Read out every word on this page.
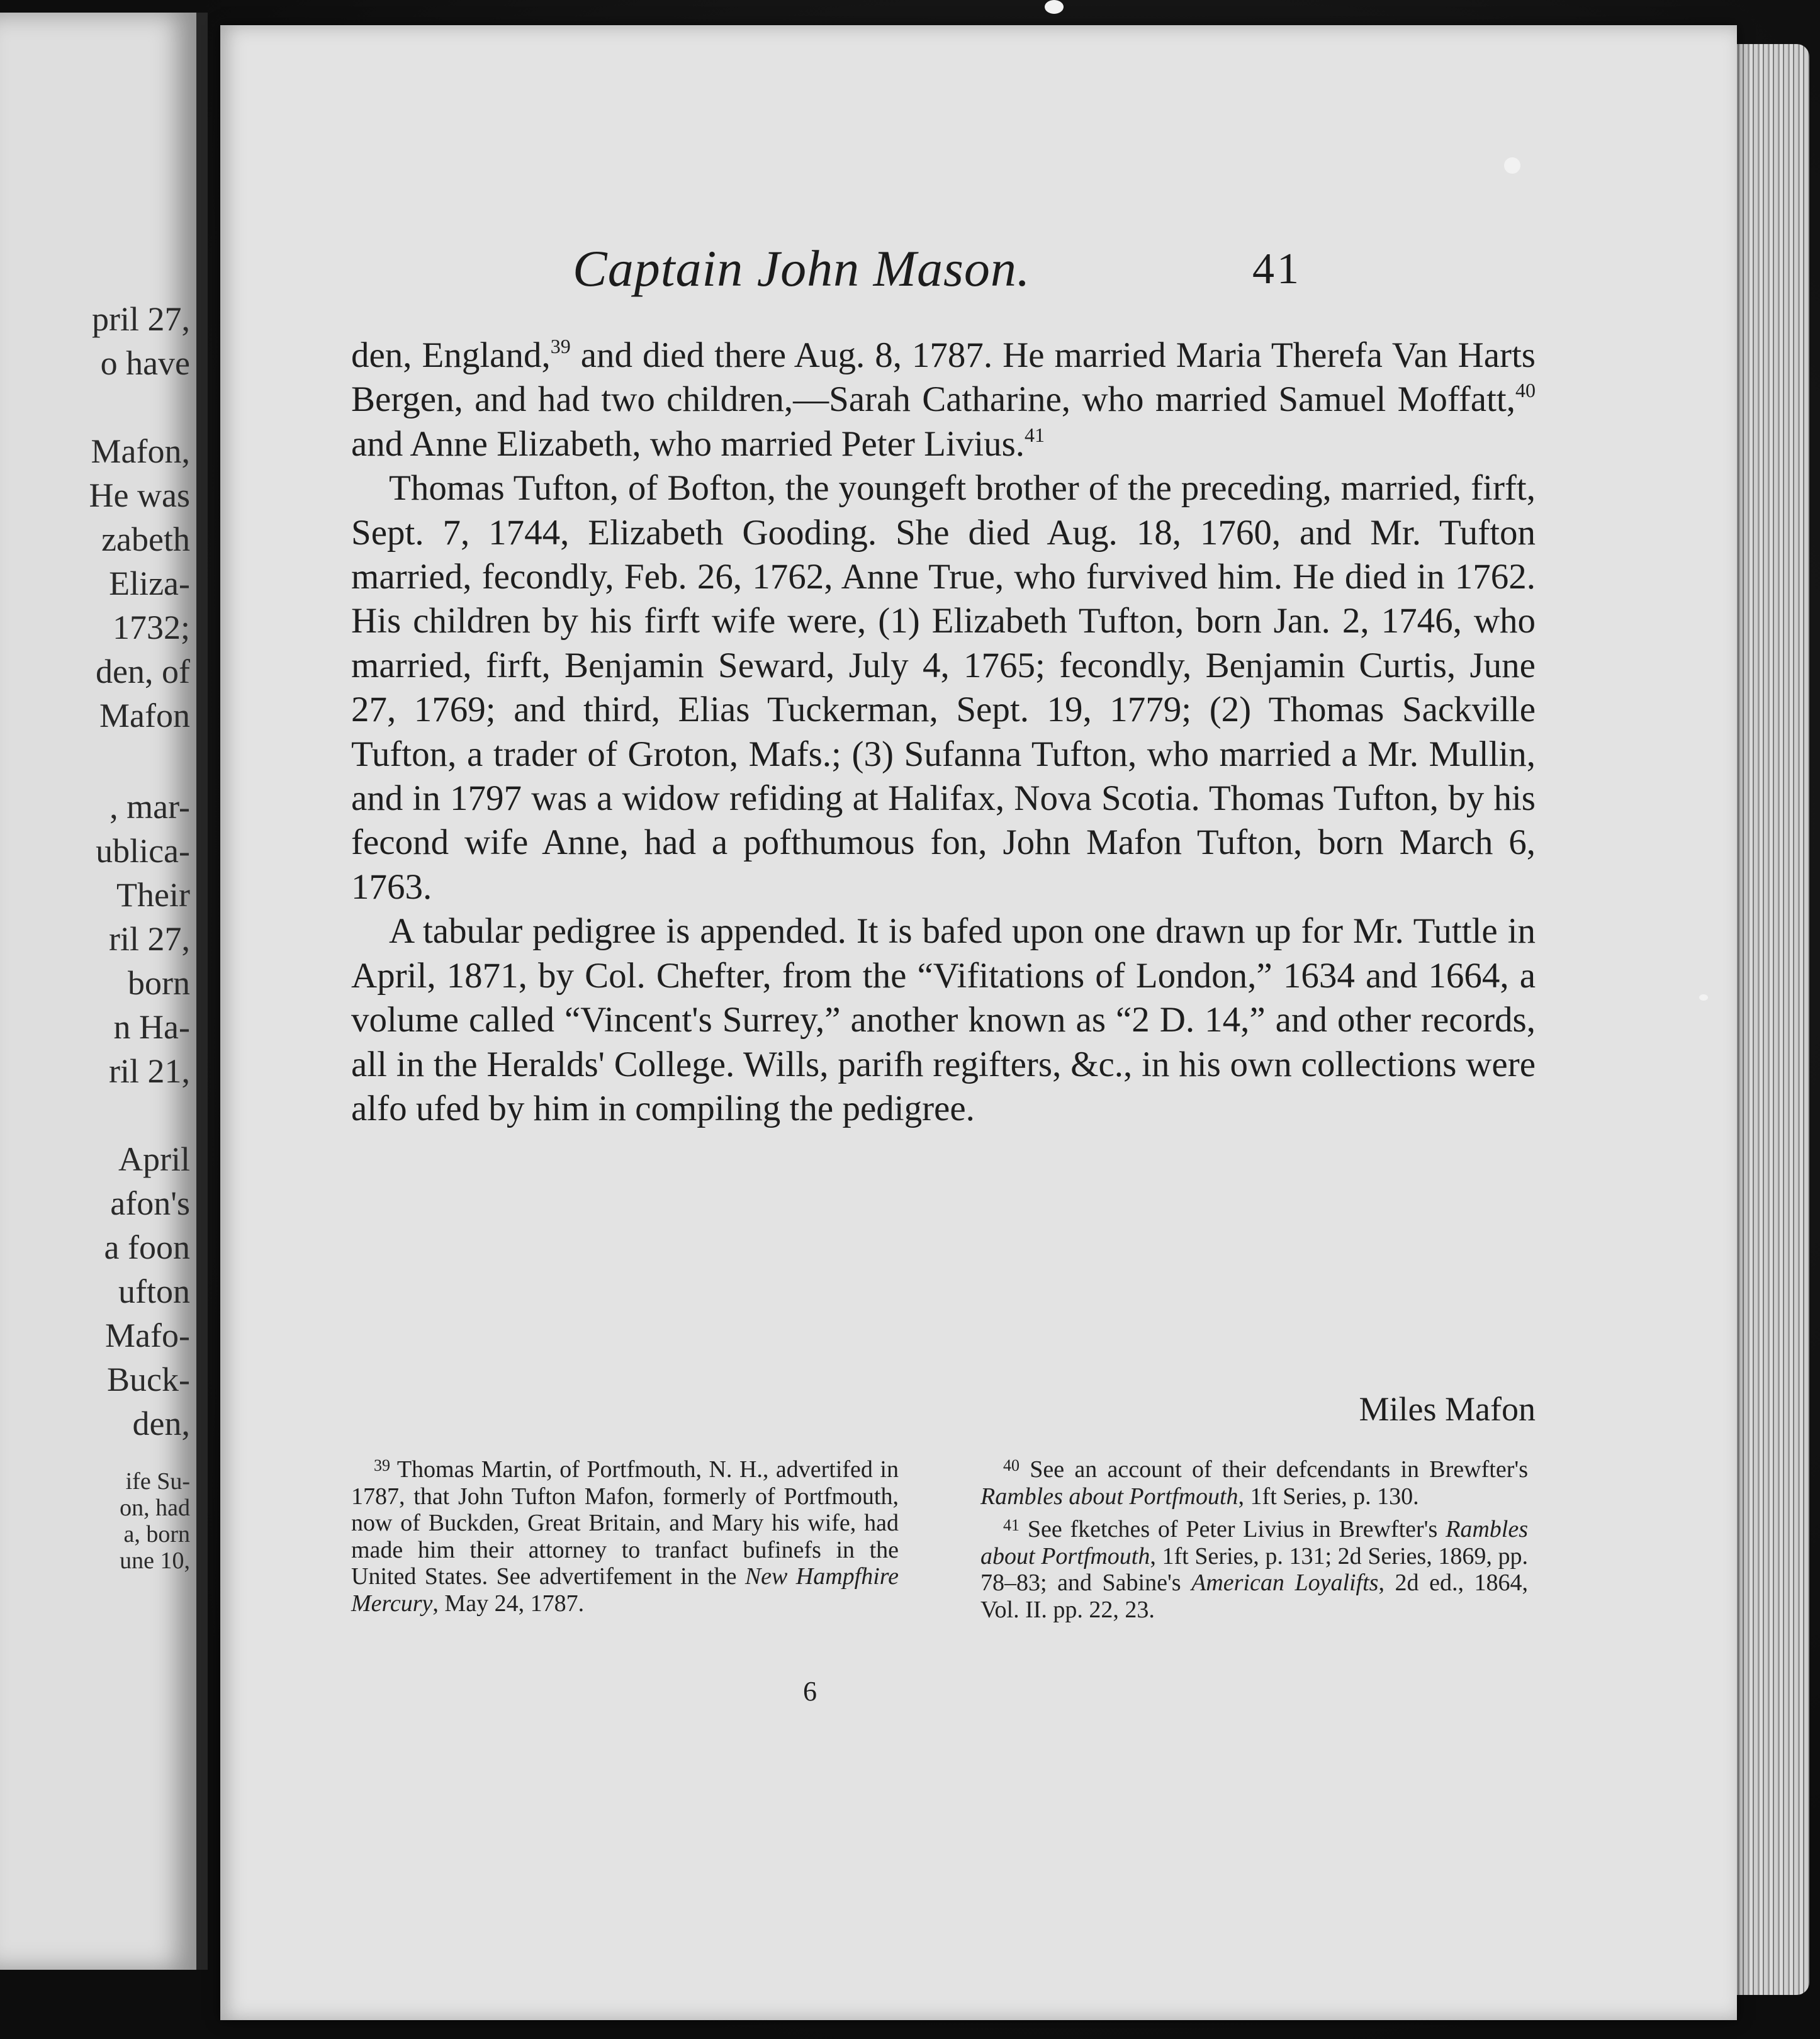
pril 27,
o have
Mafon,
He was
zabeth
Eliza-
1732;
den, of
Mafon
, mar-
ublica-
Their
ril 27,
born
n Ha-
ril 21,
April
afon's
a foon
ufton
Mafo-
Buck-
den,
ife Su-
on, had
a, born
une 10,
Captain John Mason.	41

den, England,$^{39}$ and died there Aug. 8, 1787. He married Maria Therefa Van Harts Bergen, and had two children,—Sarah Catharine, who married Samuel Moffatt,$^{40}$ and Anne Elizabeth, who married Peter Livius.$^{41}$

Thomas Tufton, of Bofton, the youngeft brother of the preceding, married, firft, Sept. 7, 1744, Elizabeth Gooding. She died Aug. 18, 1760, and Mr. Tufton married, fecondly, Feb. 26, 1762, Anne True, who furvived him. He died in 1762. His children by his firft wife were, (1) Elizabeth Tufton, born Jan. 2, 1746, who married, firft, Benjamin Seward, July 4, 1765; fecondly, Benjamin Curtis, June 27, 1769; and third, Elias Tuckerman, Sept. 19, 1779; (2) Thomas Sackville Tufton, a trader of Groton, Mafs.; (3) Sufanna Tufton, who married a Mr. Mullin, and in 1797 was a widow refiding at Halifax, Nova Scotia. Thomas Tufton, by his fecond wife Anne, had a pofthumous fon, John Mafon Tufton, born March 6, 1763.

A tabular pedigree is appended. It is bafed upon one drawn up for Mr. Tuttle in April, 1871, by Col. Chefter, from the “Vifitations of London,” 1634 and 1664, a volume called “Vincent's Surrey,” another known as “2 D. 14,” and other records, all in the Heralds' College. Wills, parifh regifters, &c., in his own collections were alfo ufed by him in compiling the pedigree.

Miles Mafon

$^{39}$ Thomas Martin, of Portfmouth, N. H., advertifed in 1787, that John Tufton Mafon, formerly of Portfmouth, now of Buckden, Great Britain, and Mary his wife, had made him their attorney to tranfact bufinefs in the United States. See advertifement in the New Hampfhire Mercury, May 24, 1787.

$^{40}$ See an account of their defcendants in Brewfter's Rambles about Portfmouth, 1ft Series, p. 130.

$^{41}$ See fketches of Peter Livius in Brewfter's Rambles about Portfmouth, 1ft Series, p. 131; 2d Series, 1869, pp. 78–83; and Sabine's American Loyalifts, 2d ed., 1864, Vol. II. pp. 22, 23.

6
